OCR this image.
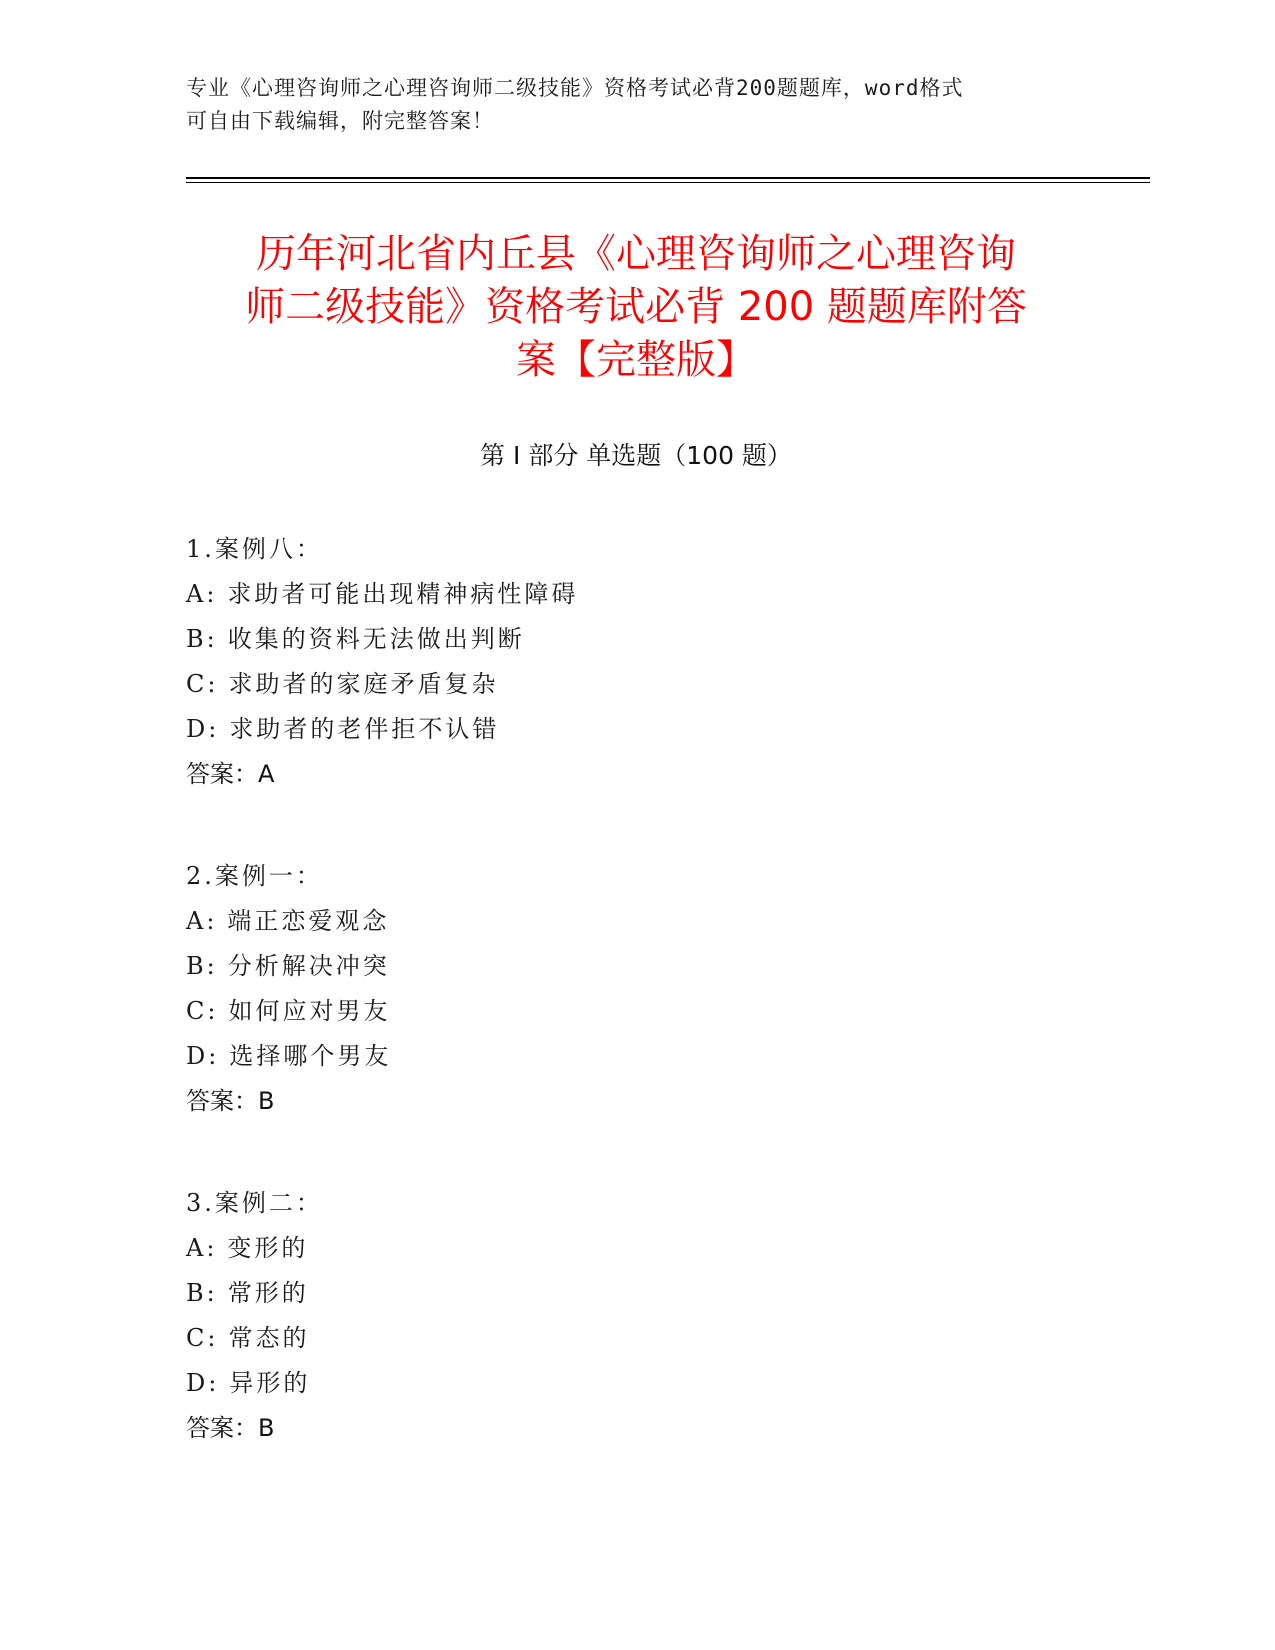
专业《心理咨询师之心理咨询师二级技能》资格考试必背200题题库，word格式
可自由下载编辑，附完整答案！
历年河北省内丘县《心理咨询师之心理咨询
师二级技能》资格考试必背 200 题题库附答
案【完整版】
第 I 部分 单选题（100 题）
1.案例八：
A: 求助者可能出现精神病性障碍
B: 收集的资料无法做出判断
C: 求助者的家庭矛盾复杂
D: 求助者的老伴拒不认错
答案：A
2.案例一：
A: 端正恋爱观念
B: 分析解决冲突
C: 如何应对男友
D: 选择哪个男友
答案：B
3.案例二：
A: 变形的
B: 常形的
C: 常态的
D: 异形的
答案：B
